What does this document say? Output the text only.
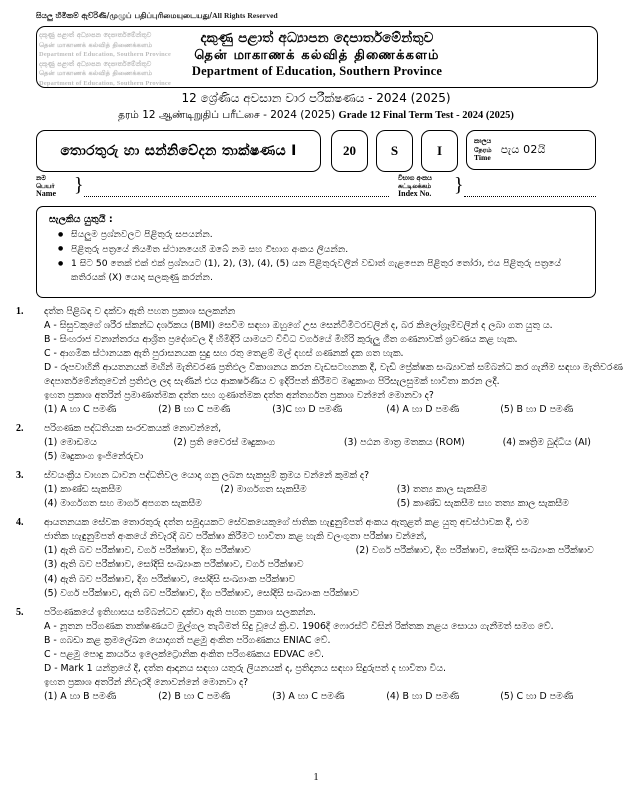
සියලු හිමිකම් ඇව්රිණි/முழுப் பதிப்புரிமையுடையது/All Rights Reserved
දකුණු පළාත් අධ්‍යාපන දෙපාර්තමේන්තුව
தென் மாகாணக் கல்வித் திணைக்களம்
Department of Education, Southern Province
දකුණු පළාත් අධ්‍යාපන දෙපාර්තමේන්තුව
தென் மாகாணக் கல்வித் திணைக்களம்
Department of Education, Southern Province
දකුණු පළාත් අධ්‍යාපන දෙපාර්තමේන්තුව
தென் மாகாணக் கல்வித் திணைக்களம்
Department of Education, Southern Province
12 ශ්‍රේණිය අවසාන වාර පරීක්ෂණය - 2024 (2025)
தரம் 12 ஆண்டிறுதிப் பரீட்சை - 2024 (2025) Grade 12 Final Term Test - 2024 (2025)
තොරතුරු හා සන්නිවේදන තාක්ෂණය I	20	S	I
කාලය
நேரம்
Time
පැය 02යි
නම
பெயர்
Name }	විභාග අංකය
சுட்டிலக்கம்
Index No. }
සැලකිය යුතුයි :
● සියලුම ප්‍රශ්නවලට පිළිතුරු සපයන්න.
● පිළිතුරු පත්‍රයේ නියමිත ස්ථානයෙහි ඔබේ නම සහ විභාග අංකය ලියන්න.
● 1 සිට 50 තෙක් එක් එක් ප්‍රශ්නයට (1), 2), (3), (4), (5) යන පිළිතුරුවලින් වඩාත් ගැළපෙන පිළිතුර තෝරා, එය පිළිතුරු පත්‍රයේ කතිරයක් (X) යොදා සලකුණු කරන්න.
1. දත්ත පිළිබඳ ව දක්වා ඇති පහත ප්‍රකාශ සලකන්න
A - සිසුවකුගේ ශරීර ස්කන්ධ දර්ශකය (BMI) සෙවීම සඳහා ඔහුගේ උස සෙන්ටිමීටරවලින් ද, බර කිලෝග්‍රෑම්වලින් ද ලබා ගත යුතු ය.
B - සිංහරාජ වනාන්තරය ආශ්‍රිත ප්‍රදේශවල දී හිමිදිරි යාමයට විවිධ වර්ගයේ මිහිරි කුරුලු ගීත ගණනාවක් ශ්‍රවණය කළ හැක.
C - ආගමික ස්ථානයක ඇති පුරාසනයක සුදු සහ රතු තෙළම් මල් දහස් ගණනක් දැක ගත හැක.
D - රූපවාහිනී ආයතනයක් මඟින් මැතිවරණ ප්‍රතිඵල විකාශනය කරන වැඩසටහනක දී, වැඩි ප්‍රේක්ෂක සංඛ්‍යාවක් සම්බන්ධ කර ගැනීම සඳහා මැතිවරණ දෙපාර්තමේන්තුවෙන් ප්‍රතිඵල ලද සැණින් එය ආකර්ෂණීය ව ඉදිරිපත් කිරීමට මෘදුකාංග පිරිසැලසුමක් භාවිතා කරන ලදී.
ඉහත ප්‍රකාශ අතරින් ප්‍රමාණාත්මක දත්ත සහ ගුණාත්මක දත්ත අන්තර්ගත ප්‍රකාශ වන්නේ මොනවා ද?
(1) A හා C පමණි	(2) B හා C පමණි	(3)C හා D පමණි	(4) A හා D පමණි	(5) B හා D පමණි
2. පරිගණක පද්ධතියක සංරචකයක් නොවන්නේ,
(1) මොඩමය	(2) ප්‍රති වෛරස් මෘදුකාංග	(3) පඨන මාත්‍ර මතකය (ROM)	(4) කෘත්‍රිම බුද්ධිය (AI)
(5) මෘදුකාංග ඉංජිනේරුවා
3. ස්වයංක්‍රීය වාහන ධාවන පද්ධතිවල යොදා ගනු ලබන සැකසුම් ක්‍රමය වන්නේ කුමක් ද?
(1) කාණ්ඩ සැකසීම	(2) මාර්ගගත සැකසීම	(3) තත්‍ය කාල සැකසීම
(4) මාර්ගගත සහ මාර්ග අපගත සැකසීම	(5) කාණ්ඩ සැකසීම සහ තත්‍ය කාල සැකසීම
4. ආයතනයක සේවක තොරතුරු දත්ත සමුදායකට සේවකයෙකුගේ ජාතික හැඳුනුම්පත් අංකය ඇතුළත් කළ යුතු අවස්ථාවක දී, එම
ජාතික හැඳුනුම්පත් අංකයේ නිවැරදි බව පරීක්ෂා කිරීමට භාවිතා කළ හැකි වලංගුතා පරීක්ෂා වන්නේ,
(1) ඇති බව පරීක්ෂාව, වර්ග පරීක්ෂාව, දිග පරීක්ෂාව	(2) වර්ග පරීක්ෂාව, දිග පරීක්ෂාව, සෝදිසි සංඛ්‍යාංක පරීක්ෂාව
(3) ඇති බව පරීක්ෂාව, සෝදිසි සංඛ්‍යාංක පරීක්ෂාව, වර්ග පරීක්ෂාව
(4) ඇති බව පරීක්ෂාව, දිග පරීක්ෂාව, සෝදිසි සංඛ්‍යාංක පරීක්ෂාව
(5) වර්ග පරීක්ෂාව, ඇති බව පරීක්ෂාව, දිග පරීක්ෂාව, සෝදිසි සංඛ්‍යාංක පරීක්ෂාව
5. පරිගණකයේ ඉතිහාසය සම්බන්ධව දක්වා ඇති පහත ප්‍රකාශ සලකන්න.
A - නූතන පරිගණක තාක්ෂණයට මුල්ගල තැබීමත් සිදු වූයේ ක්‍රි.ව. 1906දී ෆොරස්ට් විසින් රික්තක නළය සොයා ගැනීමත් සමග වේ.
B - ගබඩා කළ ක්‍රමලේඛන යොදාගත් පළමු අංකිත පරිගණකය ENIAC වේ.
C - පළමු පොදු කාර්යය ඉලෙක්ට්‍රොනික අංකිත පරිගණකය EDVAC වේ.
D - Mark 1 යන්ත්‍රයේ දී, දත්ත ආදානය සඳහා යතුරු ලියනයක් ද, ප්‍රතිදානය සඳහා සිදුරුපත් ද භාවිතා විය.
ඉහත ප්‍රකාශ අතරින් නිවැරදි නොවන්නේ මොනවා ද?
(1) A හා B පමණි	(2) B හා C පමණි	(3) A හා C පමණි	(4) B හා D පමණි	(5) C හා D පමණි
1
